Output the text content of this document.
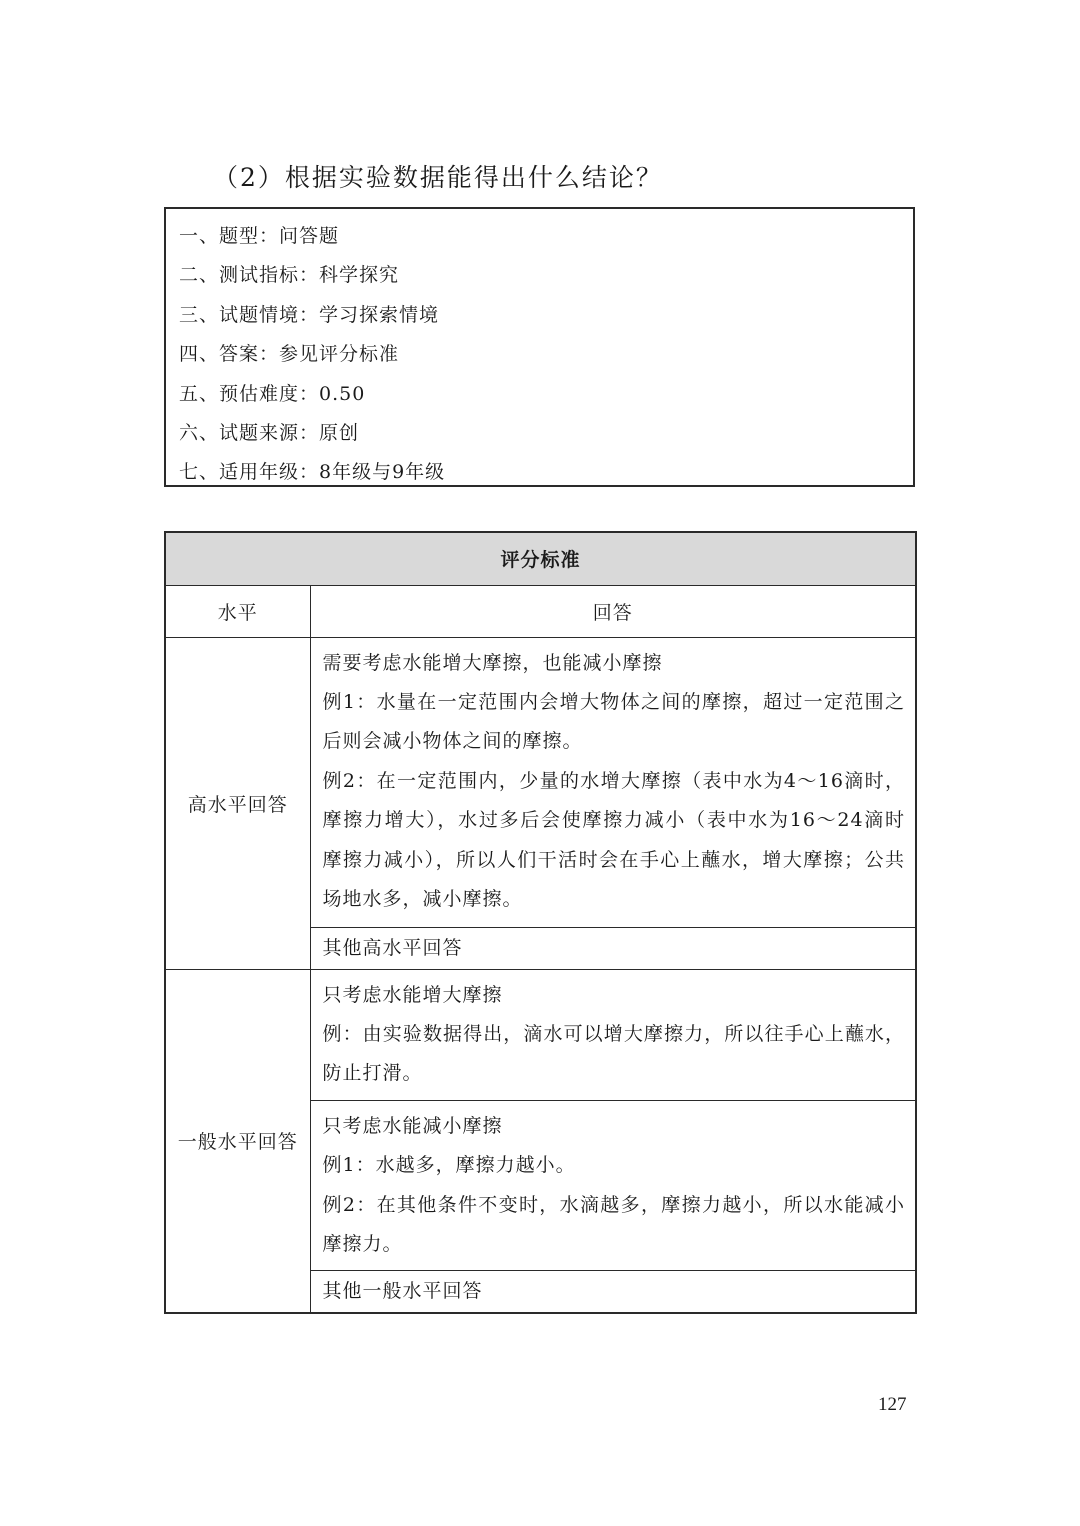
（2）根据实验数据能得出什么结论？

一、题型：问答题
二、测试指标：科学探究
三、试题情境：学习探索情境
四、答案：参见评分标准
五、预估难度：0.50
六、试题来源：原创
七、适用年级：8年级与9年级
评分标准	
水平	回答
高水平回答	需要考虑水能增大摩擦，也能减小摩擦

例1：水量在一定范围内会增大物体之间的摩擦，超过一定范围之后则会减小物体之间的摩擦。

例2：在一定范围内，少量的水增大摩擦（表中水为4～16滴时，摩擦力增大），水过多后会使摩擦力减小（表中水为16～24滴时摩擦力减小），所以人们干活时会在手心上蘸水，增大摩擦；公共场地水多，减小摩擦。

	其他高水平回答
一般水平回答	只考虑水能增大摩擦

例：由实验数据得出，滴水可以增大摩擦力，所以往手心上蘸水，防止打滑。

	只考虑水能减小摩擦

例1：水越多，摩擦力越小。

例2：在其他条件不变时，水滴越多，摩擦力越小，所以水能减小摩擦力。

	其他一般水平回答
127
